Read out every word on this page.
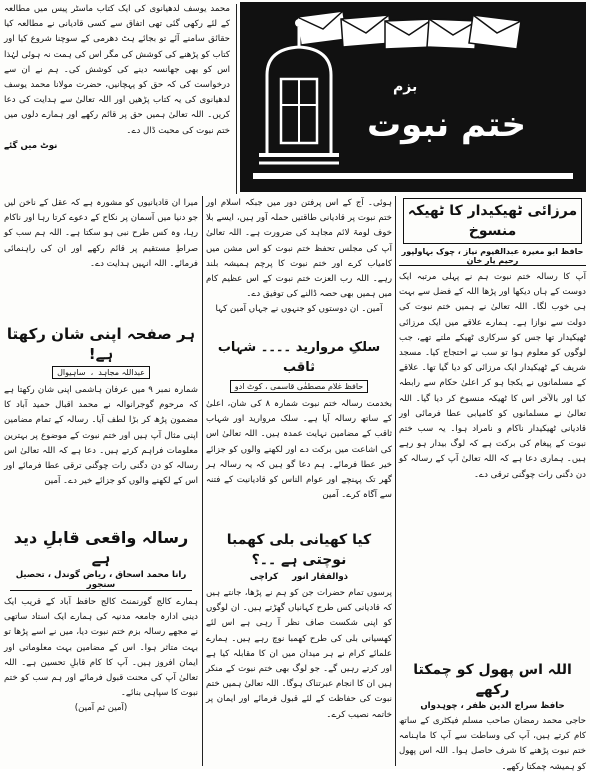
بزم
ختم نبوت

محمد یوسف لدھیانوی کی ایک کتاب ماسٹر پیس میں مطالعہ کے لئے رکھی گئی تھی اتفاق سے کسی قادیانی نے مطالعہ کیا حقائق سامنے آئے تو بجائے ہٹ دھرمی کے سوچنا شروع کیا اور کتاب کو پڑھنے کی کوشش کی مگر اس کی ہمت نہ ہوئی لہٰذا اس کو بھی جھانسہ دینے کی کوشش کی۔ ہم نے ان سے درخواست کی کہ حق کو پہچانیں، حضرت مولانا محمد یوسف لدھیانوی کی یہ کتاب پڑھیں اور اللہ تعالیٰ سے ہدایت کی دعا کریں۔ اللہ تعالیٰ ہمیں حق پر قائم رکھے اور ہمارے دلوں میں ختم نبوت کی محبت ڈال دے۔

نوٹ میں گئے

میرا ان قادیانیوں کو مشورہ ہے کہ عقل کے ناخن لیں جو دنیا میں آسمان پر نکاح کے دعوے کرتا رہا اور ناکام رہا، وہ کس طرح نبی ہو سکتا ہے۔ اللہ ہم سب کو صراطِ مستقیم پر قائم رکھے اور ان کی راہنمائی فرمائے۔ اللہ انہیں ہدایت دے۔

ہر صفحہ اپنی شان رکھتا ہے!

عبداللہ مجاہد  ،  ساہیوال

شمارہ نمبر ۹ میں عرفان ہاشمی اپنی شان رکھتا ہے کہ مرحوم گوجرانوالہ نے محمد اقبال حمید آباد کا مضمون پڑھ کر بڑا لطف آیا۔ رسالہ کے تمام مضامین اپنی مثال آپ ہیں اور ختم نبوت کے موضوع پر بہترین معلومات فراہم کرتے ہیں۔ دعا ہے کہ اللہ تعالیٰ اس رسالہ کو دن دگنی رات چوگنی ترقی عطا فرمائے اور اس کے لکھنے والوں کو جزائے خیر دے۔ آمین

رسالہ واقعی قابلِ دید ہے

رانا محمد اسحاق ، ریاض گوندل ، تحصیل سنجور

ہمارے کالج گورنمنٹ کالج حافظ آباد کے قریب ایک دینی ادارہ جامعہ مدنیہ کی ہمارے ایک استاد ساتھی نے مجھے رسالہ بزم ختم نبوت دیا، میں نے اسے پڑھا تو بہت متاثر ہوا۔ اس کے مضامین بہت معلوماتی اور ایمان افروز ہیں۔ آپ کا کام قابلِ تحسین ہے۔ اللہ تعالیٰ آپ کی محنت قبول فرمائے اور ہم سب کو ختم نبوت کا سپاہی بنائے۔

(آمین ثم آمین)

ہوئی۔ آج کے اس پرفتن دور میں جبکہ اسلام اور ختم نبوت پر قادیانی طاقتیں حملہ آور ہیں، ایسے بلا خوف لومۃ لائم مجاہد کی ضرورت ہے۔ اللہ تعالیٰ آپ کی مجلس تحفظ ختم نبوت کو اس مشن میں کامیاب کرے اور ختم نبوت کا پرچم ہمیشہ بلند رہے۔ اللہ رب العزت ختم نبوت کے اس عظیم کام میں ہمیں بھی حصہ ڈالنے کی توفیق دے۔

آمین۔ ان دوستوں کو جنہوں نے جہاں آمین کہا

سلکِ مروارید ۔۔۔۔ شہاب ثاقب

حافظ غلام مصطفٰی قاسمی ، کوٹ ادو

بخدمت رسالہ ختم نبوت شمارہ ۸ کی شان، اعلیٰ کے ساتھ رسالہ آیا ہے۔ سلک مروارید اور شہاب ثاقب کے مضامین نہایت عمدہ ہیں۔ اللہ تعالیٰ اس کی اشاعت میں برکت دے اور لکھنے والوں کو جزائے خیر عطا فرمائے۔ ہم دعا گو ہیں کہ یہ رسالہ ہر گھر تک پہنچے اور عوام الناس کو قادیانیت کے فتنہ سے آگاہ کرے۔ آمین

کیا کھیانی بلی کھمبا نوچتی ہے ۔۔؟

ذوالفقار انور
کراچی

پرسوں تمام حضرات جن کو ہم نے پڑھا، جانتے ہیں کہ قادیانی کس طرح کہانیاں گھڑتے ہیں۔ ان لوگوں کو اپنی شکست صاف نظر آ رہی ہے اس لئے کھسیانی بلی کی طرح کھمبا نوچ رہے ہیں۔ ہمارے علمائے کرام نے ہر میدان میں ان کا مقابلہ کیا ہے اور کرتے رہیں گے۔ جو لوگ بھی ختم نبوت کے منکر ہیں ان کا انجام عبرتناک ہوگا۔ اللہ تعالیٰ ہمیں ختم نبوت کی حفاظت کے لئے قبول فرمائے اور ایمان پر خاتمہ نصیب کرے۔

مرزائی ٹھیکیدار کا ٹھیکہ منسوخ

حافظ ابو مغیرہ عبدالقیوم نیاز ، چوک بہاولپور رحیم یار خان

آپ کا رسالہ ختم نبوت ہم نے پہلی مرتبہ ایک دوست کے ہاں دیکھا اور پڑھا اللہ کے فضل سے بہت ہی خوب لگا۔ اللہ تعالیٰ نے ہمیں ختم نبوت کی دولت سے نوازا ہے۔ ہمارے علاقے میں ایک مرزائی ٹھیکیدار تھا جس کو سرکاری ٹھیکے ملتے تھے، جب لوگوں کو معلوم ہوا تو سب نے احتجاج کیا۔ مسجد شریف کے ٹھیکیدار ایک مرزائی کو دیا گیا تھا۔ علاقے کے مسلمانوں نے یکجا ہو کر اعلیٰ حکام سے رابطہ کیا اور بالآخر اس کا ٹھیکہ منسوخ کر دیا گیا۔ اللہ تعالیٰ نے مسلمانوں کو کامیابی عطا فرمائی اور قادیانی ٹھیکیدار ناکام و نامراد ہوا۔ یہ سب ختم نبوت کے پیغام کی برکت ہے کہ لوگ بیدار ہو رہے ہیں۔ ہماری دعا ہے کہ اللہ تعالیٰ آپ کے رسالہ کو دن دگنی رات چوگنی ترقی دے۔

اللہ اس پھول کو چمکتا رکھے

حافظ سراج الدین ظفر ، چوہدواں

حاجی محمد رمضان صاحب مسلم فیکٹری کے ساتھ کام کرتے ہیں، آپ کی وساطت سے آپ کا ماہنامہ ختم نبوت پڑھنے کا شرف حاصل ہوا۔ اللہ اس پھول کو ہمیشہ چمکتا رکھے۔
